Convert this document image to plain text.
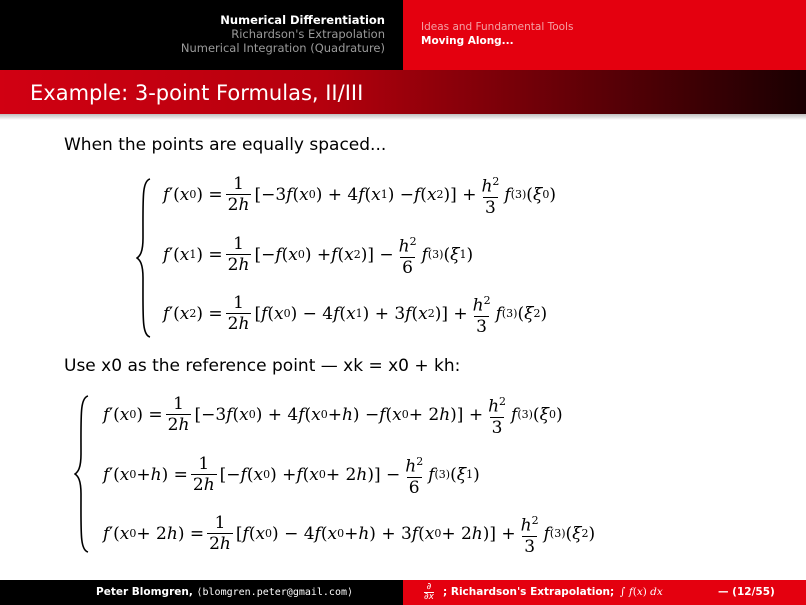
Numerical Differentiation
Richardson's Extrapolation
Numerical Integration (Quadrature)
Ideas and Fundamental Tools
Moving Along...
Example: 3-point Formulas, II/III
When the points are equally spaced...
f ′( x 0 ) = $\frac{1}{2h} [-3$ f ( x 0 ) + 4 f ( x 1 ) − f ( x 2 )] + $\frac{h^2}{3}$ f (3) ( ξ 0 )
f ′( x 1 ) = $\frac{1}{2h}$ [− f ( x 0 ) + f ( x 2 )] − $\frac{h^2}{6}$ f (3) ( ξ 1 )
f ′( x 2 ) = $\frac{1}{2h}$ [ f ( x 0 ) − 4 f ( x 1 ) + 3 f ( x 2 )] + $\frac{h^2}{3}$ f (3) ( ξ 2 )
Use x0 as the reference point — xk = x0 + kh:
f ′( x 0 ) = $\frac{1}{2h} [-3$ f ( x 0 ) + 4 f ( x 0 + h ) − f ( x 0 + 2 h )] + $\frac{h^2}{3}$ f (3) ( ξ 0 )
f ′( x 0 + h ) = $\frac{1}{2h}$ [− f ( x 0 ) + f ( x 0 + 2 h )] − $\frac{h^2}{6}$ f (3) ( ξ 1 )
f ′( x 0 + 2 h ) = $\frac{1}{2h}$ [ f ( x 0 ) − 4 f ( x 0 + h ) + 3 f ( x 0 + 2 h )] + $\frac{h^2}{3}$ f (3) ( ξ 2 )
Peter Blomgren, ⟨blomgren.peter@gmail.com⟩	∂
∂x ; Richardson's Extrapolation; ∫ f(x) dx	— (12/55)
